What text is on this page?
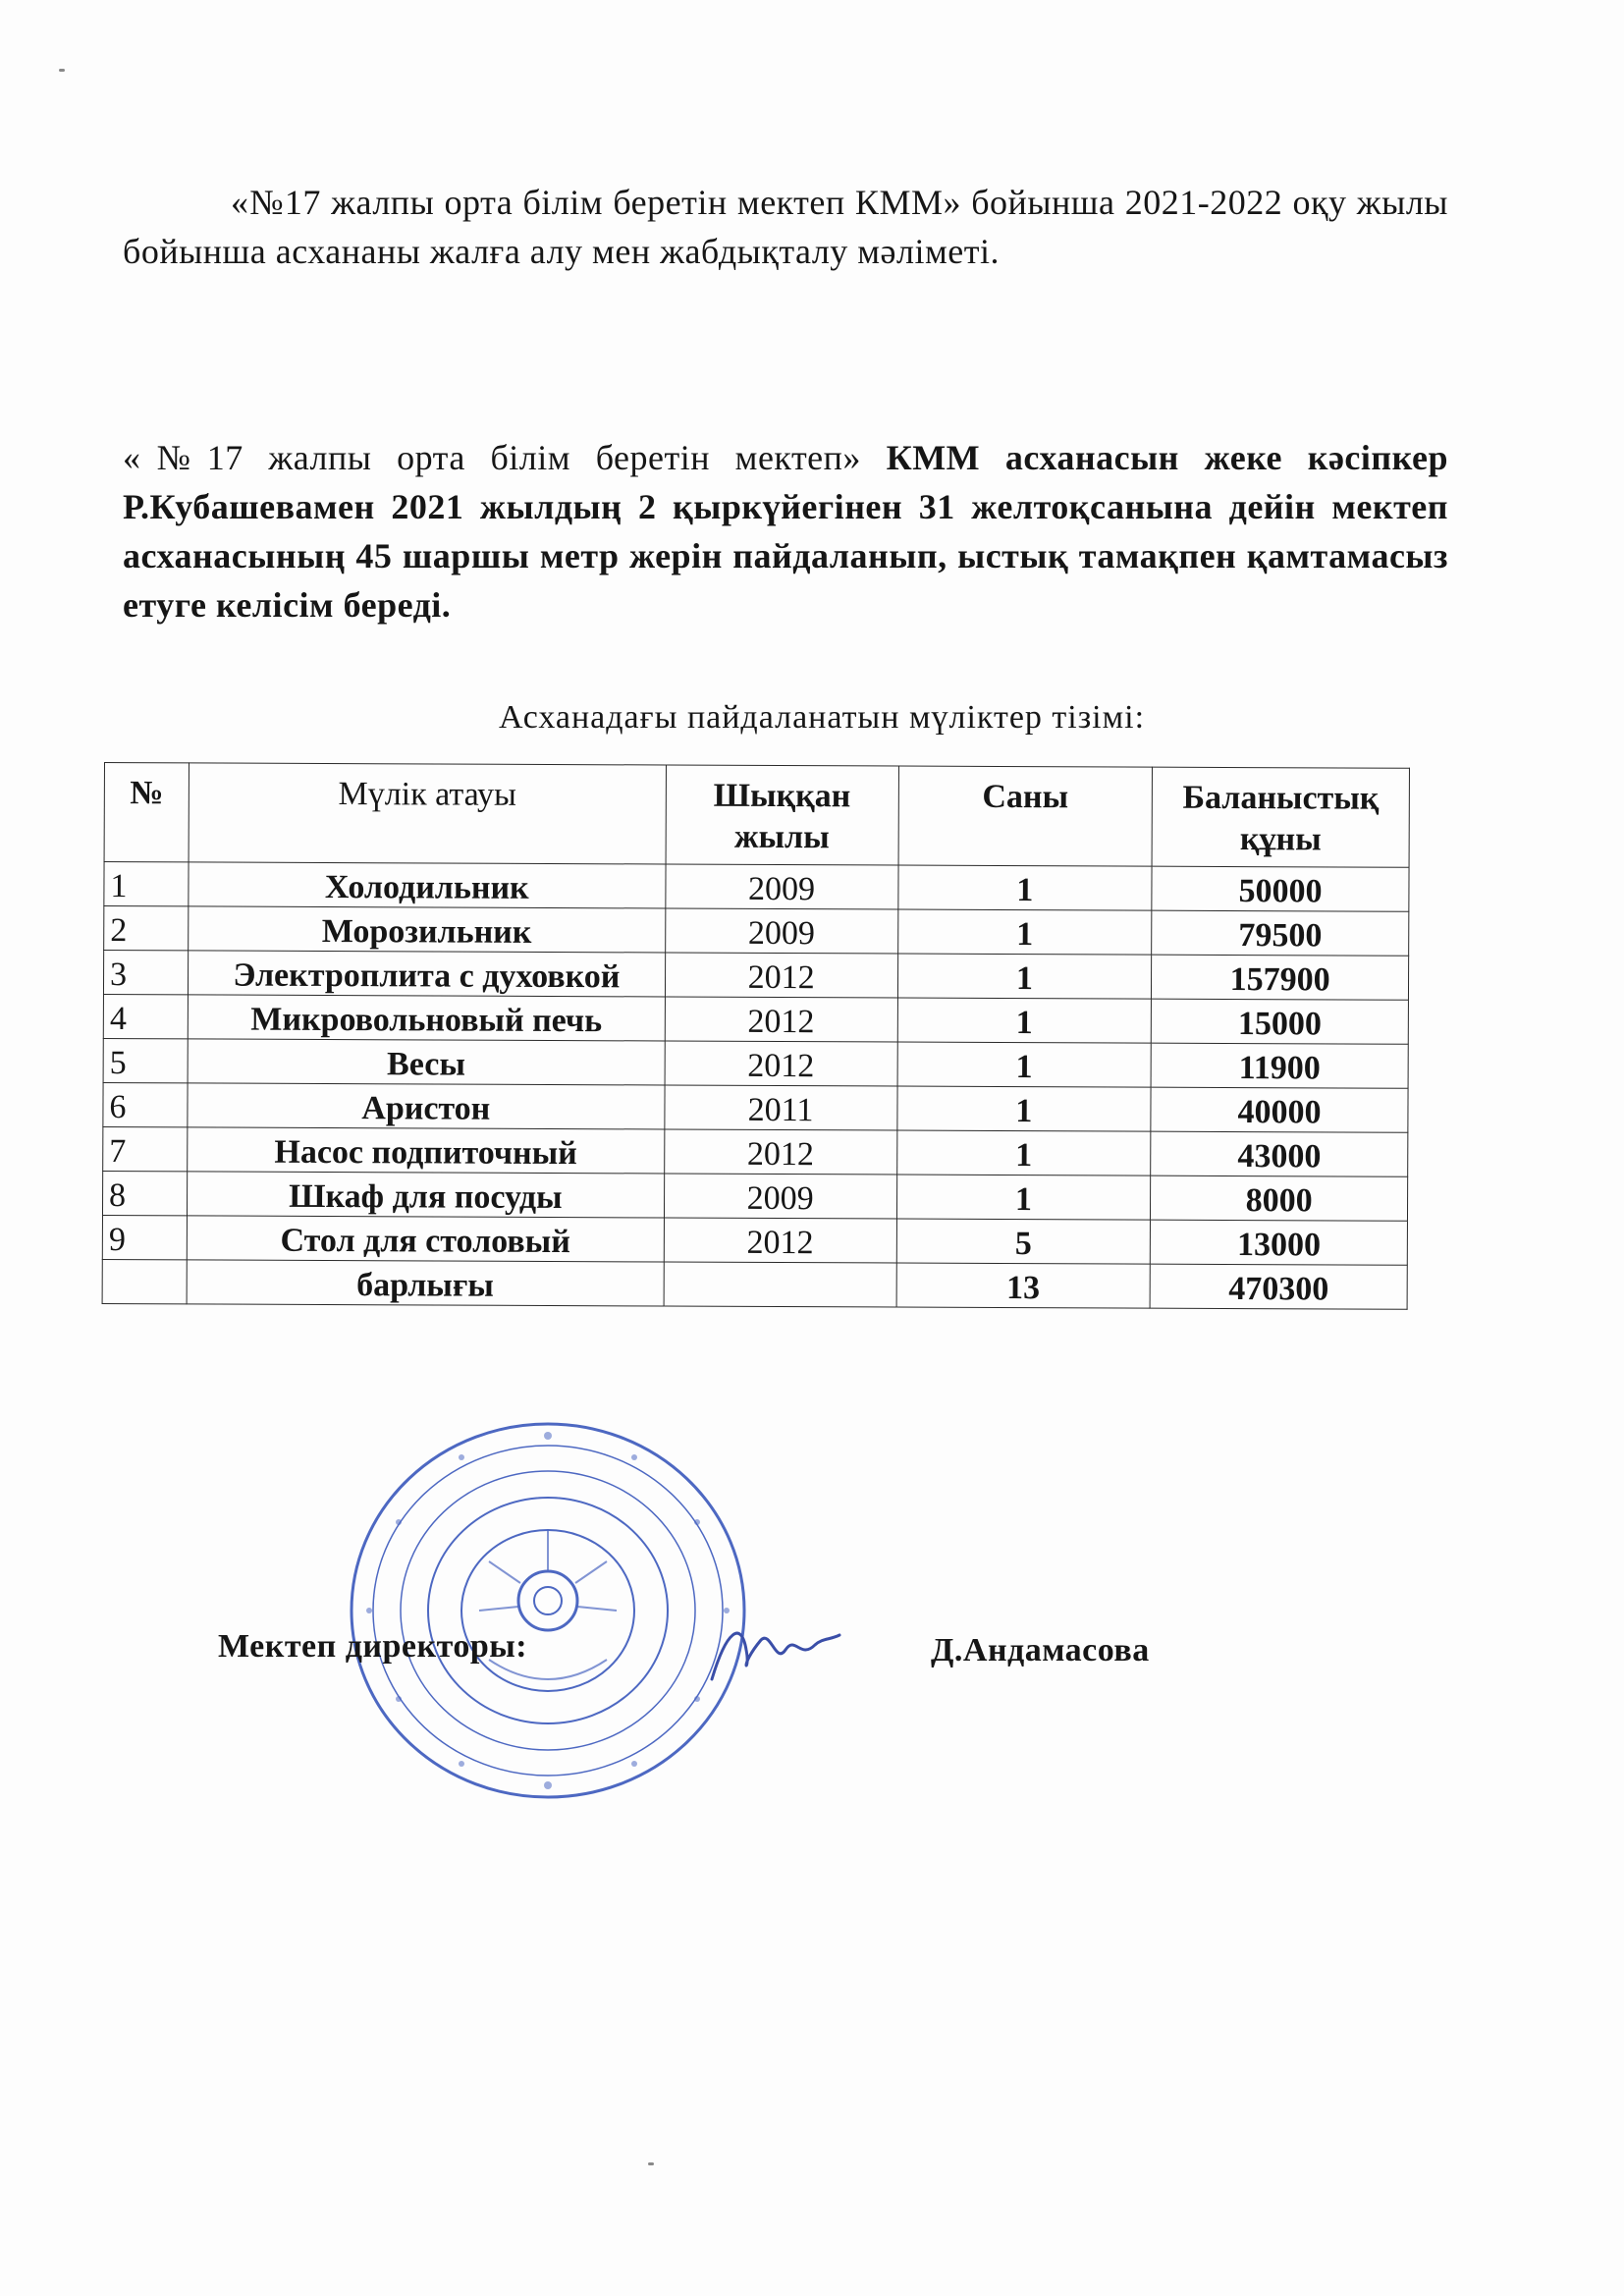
«№17 жалпы орта білім беретін мектеп КММ» бойынша 2021-2022 оқу жылы бойынша асхананы жалға алу мен жабдықталу мәліметі.

«№17 жалпы орта білім беретін мектеп» КММ асханасын жеке кәсіпкер Р.Кубашевамен 2021 жылдың 2 қыркүйегінен 31 желтоқсанына дейін мектеп асханасының 45 шаршы метр жерін пайдаланып, ыстық тамақпен қамтамасыз етуге келісім береді.

Асханадағы пайдаланатын мүліктер тізімі:
№	Мүлік атауы	Шыққан жылы	Саны	Баланыстық құны
1	Холодильник	2009	1	50000
2	Морозильник	2009	1	79500
3	Электроплита с духовкой	2012	1	157900
4	Микровольновый печь	2012	1	15000
5	Весы	2012	1	11900
6	Аристон	2011	1	40000
7	Насос подпиточный	2012	1	43000
8	Шкаф для посуды	2009	1	8000
9	Стол для столовый	2012	5	13000
	барлығы		13	470300
Мектеп директоры:	Д.Андамасова
